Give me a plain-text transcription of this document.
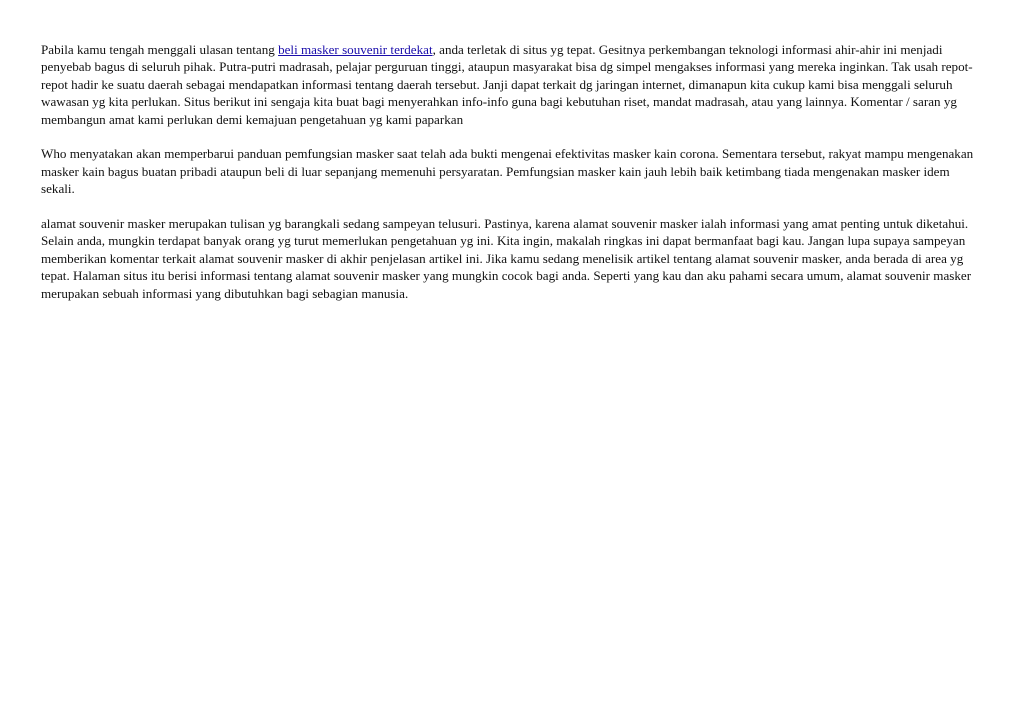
Pabila kamu tengah menggali ulasan tentang beli masker souvenir terdekat, anda terletak di situs yg tepat. Gesitnya perkembangan teknologi informasi ahir-ahir ini menjadi penyebab bagus di seluruh pihak. Putra-putri madrasah, pelajar perguruan tinggi, ataupun masyarakat bisa dg simpel mengakses informasi yang mereka inginkan. Tak usah repot-repot hadir ke suatu daerah sebagai mendapatkan informasi tentang daerah tersebut. Janji dapat terkait dg jaringan internet, dimanapun kita cukup kami bisa menggali seluruh wawasan yg kita perlukan. Situs berikut ini sengaja kita buat bagi menyerahkan info-info guna bagi kebutuhan riset, mandat madrasah, atau yang lainnya. Komentar / saran yg membangun amat kami perlukan demi kemajuan pengetahuan yg kami paparkan

Who menyatakan akan memperbarui panduan pemfungsian masker saat telah ada bukti mengenai efektivitas masker kain corona. Sementara tersebut, rakyat mampu mengenakan masker kain bagus buatan pribadi ataupun beli di luar sepanjang memenuhi persyaratan. Pemfungsian masker kain jauh lebih baik ketimbang tiada mengenakan masker idem sekali.

alamat souvenir masker merupakan tulisan yg barangkali sedang sampeyan telusuri. Pastinya, karena alamat souvenir masker ialah informasi yang amat penting untuk diketahui. Selain anda, mungkin terdapat banyak orang yg turut memerlukan pengetahuan yg ini. Kita ingin, makalah ringkas ini dapat bermanfaat bagi kau. Jangan lupa supaya sampeyan memberikan komentar terkait alamat souvenir masker di akhir penjelasan artikel ini. Jika kamu sedang menelisik artikel tentang alamat souvenir masker, anda berada di area yg tepat. Halaman situs itu berisi informasi tentang alamat souvenir masker yang mungkin cocok bagi anda. Seperti yang kau dan aku pahami secara umum, alamat souvenir masker merupakan sebuah informasi yang dibutuhkan bagi sebagian manusia.
